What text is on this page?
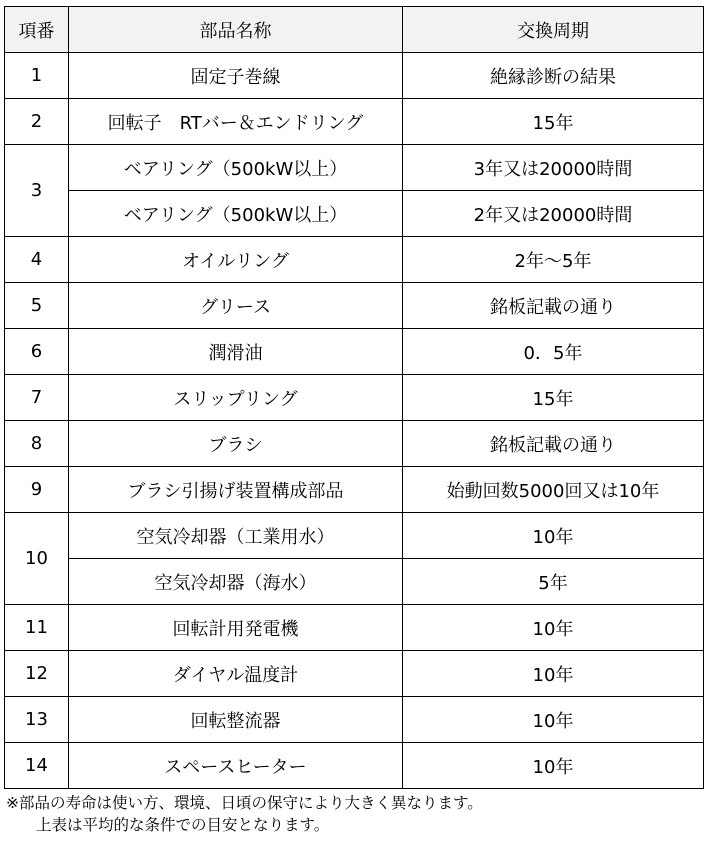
項番	部品名称	交換周期
1	固定子巻線	絶縁診断の結果
2	回転子　RTバー＆エンドリング	15年
3	ベアリング（500kW以上）	3年又は20000時間
	ベアリング（500kW以上）	2年又は20000時間
4	オイルリング	2年～5年
5	グリース	銘板記載の通り
6	潤滑油	0．5年
7	スリップリング	15年
8	ブラシ	銘板記載の通り
9	ブラシ引揚げ装置構成部品	始動回数5000回又は10年
10	空気冷却器（工業用水）	10年
	空気冷却器（海水）	5年
11	回転計用発電機	10年
12	ダイヤル温度計	10年
13	回転整流器	10年
14	スペースヒーター	10年
※部品の寿命は使い方、環境、日頃の保守により大きく異なります。
上表は平均的な条件での目安となります。
